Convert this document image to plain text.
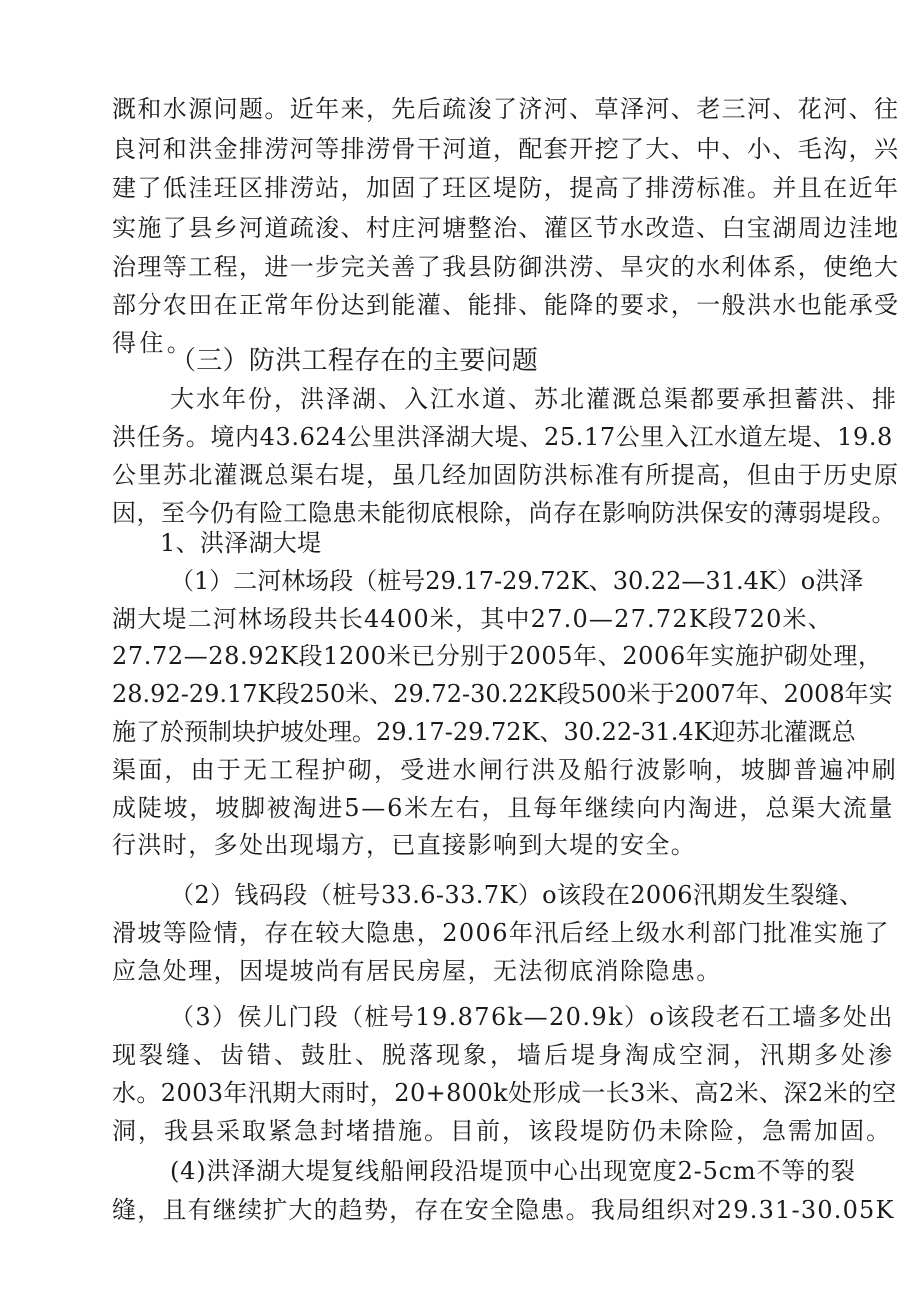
溉和水源问题。近年来，先后疏浚了济河、草泽河、老三河、花河、往
良河和洪金排涝河等排涝骨干河道，配套开挖了大、中、小、毛沟，兴
建了低洼玨区排涝站，加固了玨区堤防，提高了排涝标准。并且在近年
实施了县乡河道疏浚、村庄河塘整治、灌区节水改造、白宝湖周边洼地
治理等工程，进一步完关善了我县防御洪涝、旱灾的水利体系，使绝大
部分农田在正常年份达到能灌、能排、能降的要求，一般洪水也能承受
得住。
（三）防洪工程存在的主要问题
大水年份，洪泽湖、入江水道、苏北灌溉总渠都要承担蓄洪、排
洪任务。境内43.624公里洪泽湖大堤、25.17公里入江水道左堤、19.8
公里苏北灌溉总渠右堤，虽几经加固防洪标准有所提高，但由于历史原
因，至今仍有险工隐患未能彻底根除，尚存在影响防洪保安的薄弱堤段。
1、洪泽湖大堤
（1）二河林场段（桩号29.17-29.72K、30.22—31.4K）o洪泽
湖大堤二河林场段共长4400米，其中27.0—27.72K段720米、
27.72—28.92K段1200米已分别于2005年、2006年实施护砌处理，
28.92-29.17K段250米、29.72-30.22K段500米于2007年、2008年实
施了於预制块护坡处理。29.17-29.72K、30.22-31.4K迎苏北灌溉总
渠面，由于无工程护砌，受进水闸行洪及船行波影响，坡脚普遍冲刷
成陡坡，坡脚被淘进5—6米左右，且每年继续向内淘进，总渠大流量
行洪时，多处出现塌方，已直接影响到大堤的安全。
（2）钱码段（桩号33.6-33.7K）o该段在2006汛期发生裂缝、
滑坡等险情，存在较大隐患，2006年汛后经上级水利部门批准实施了
应急处理，因堤坡尚有居民房屋，无法彻底消除隐患。
（3）侯儿门段（桩号19.876k—20.9k）o该段老石工墙多处出
现裂缝、齿错、鼓肚、脱落现象，墙后堤身淘成空洞，汛期多处渗
水。2003年汛期大雨时，20+800k处形成一长3米、高2米、深2米的空
洞，我县采取紧急封堵措施。目前，该段堤防仍未除险，急需加固。
(4)洪泽湖大堤复线船闸段沿堤顶中心出现宽度2-5cm不等的裂
缝，且有继续扩大的趋势，存在安全隐患。我局组织对29.31-30.05K
